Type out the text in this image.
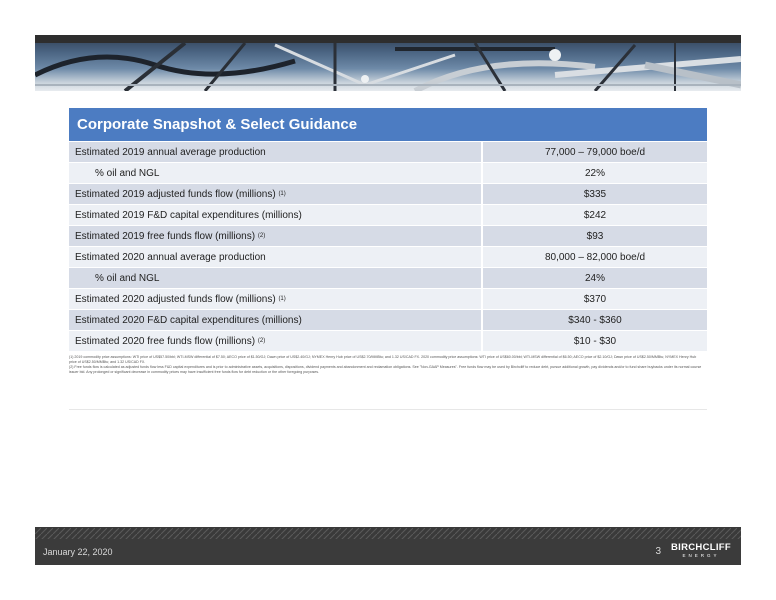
Corporate Snapshot & Select Guidance
Estimated 2019 annual average production	77,000 – 79,000 boe/d
% oil and NGL	22%
Estimated 2019 adjusted funds flow (millions) $^{(1)}$	$335
Estimated 2019 F&D capital expenditures (millions)	$242
Estimated 2019 free funds flow (millions) $^{(2)}$	$93
Estimated 2020 annual average production	80,000 – 82,000 boe/d
% oil and NGL	24%
Estimated 2020 adjusted funds flow (millions) $^{(1)}$	$370
Estimated 2020 F&D capital expenditures (millions)	$340 - $360
Estimated 2020 free funds flow (millions) $^{(2)}$	$10 - $30
(1) 2019 commodity price assumptions: WTI price of US$57.50/bbl; WTI-MSW differential of $7.50; AECO price of $1.50/GJ; Dawn price of US$2.40/GJ; NYMEX Henry Hub price of US$2.70/MMBtu; and 1.32 US/CAD FX. 2020 commodity price assumptions: WTI price of US$60.00/bbl; WTI-MSW differential of $6.50; AECO price of $2.10/GJ; Dawn price of US$2.50/MMBtu; NYMEX Henry Hub price of US$2.50/MMBtu; and 1.32 US/CAD FX.
(2) Free funds flow is calculated as adjusted funds flow less F&D capital expenditures and is prior to administrative assets, acquisitions, dispositions, dividend payments and abandonment and reclamation obligations. See "Non-GAAP Measures". Free funds flow may be used by Birchcliff to reduce debt, pursue additional growth, pay dividends and/or to fund share buybacks under its normal course issuer bid. Any prolonged or significant decrease in commodity prices may have insufficient free funds flow for debt reduction or the other foregoing purposes.
January 22, 2020	3 BIRCHCLIFF
ENERGY
